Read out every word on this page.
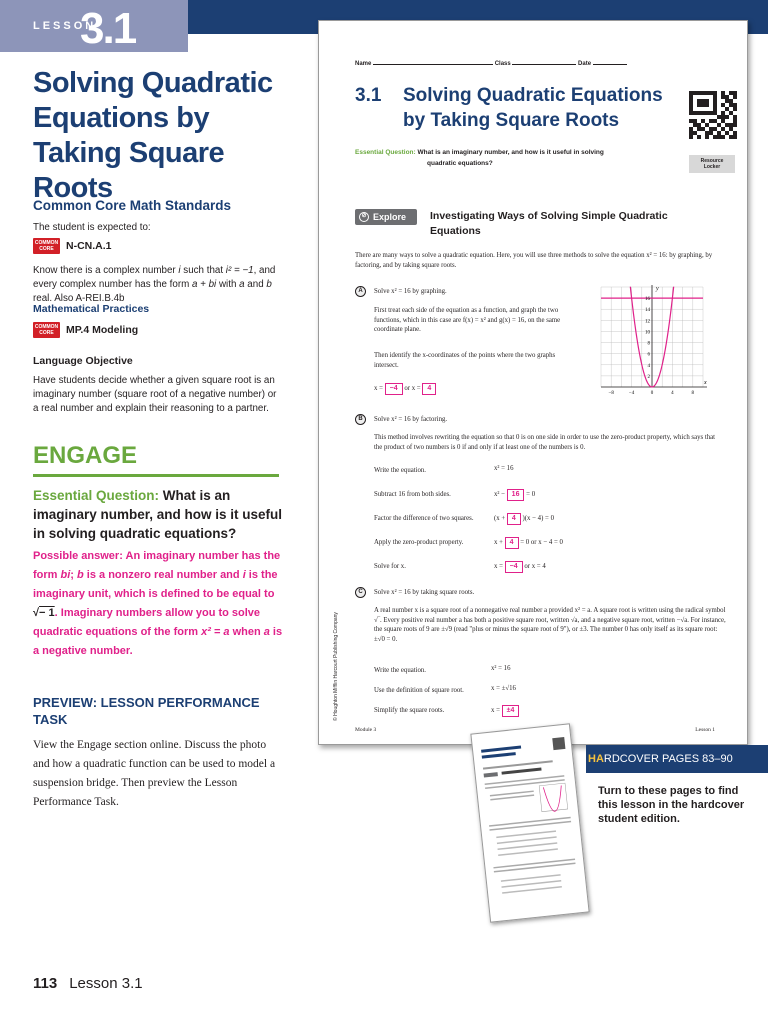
LESSON
3.1
Solving Quadratic Equations by Taking Square Roots
Common Core Math Standards
The student is expected to:
COMMON CORE	N-CN.A.1
Know there is a complex number i such that i² = −1, and every complex number has the form a + bi with a and b real. Also A-REI.B.4b
Mathematical Practices
COMMON CORE	MP.4 Modeling
Language Objective
Have students decide whether a given square root is an imaginary number (square root of a negative number) or a real number and explain their reasoning to a partner.
ENGAGE
Essential Question: What is an imaginary number, and how is it useful in solving quadratic equations?
Possible answer: An imaginary number has the form bi; b is a nonzero real number and i is the imaginary unit, which is defined to be equal to √− 1. Imaginary numbers allow you to solve quadratic equations of the form x² = a when a is a negative number.
PREVIEW: LESSON PERFORMANCE TASK
View the Engage section online. Discuss the photo and how a quadratic function can be used to model a suspension bridge. Then preview the Lesson Performance Task.
113 Lesson 3.1
Name	Class	Date
3.1 Solving Quadratic Equations
by Taking Square Roots
Resource
Locker
Essential Question: What is an imaginary number, and how is it useful in solving
quadratic equations?
⊘ Explore	Investigating Ways of Solving Simple Quadratic Equations
There are many ways to solve a quadratic equation. Here, you will use three methods to solve the equation x² = 16: by graphing, by factoring, and by taking square roots.
A	Solve x² = 16 by graphing.
First treat each side of the equation as a function, and graph the two functions, which in this case are f(x) = x² and g(x) = 16, on the same coordinate plane.
Then identify the x-coordinates of the points where the two graphs intersect.
x = −4 or x = 4
y
x
16
14
12
10
8
6
4
2
−8	−4	0	4	8
B	Solve x² = 16 by factoring.
This method involves rewriting the equation so that 0 is on one side in order to use the zero-product property, which says that the product of two numbers is 0 if and only if at least one of the numbers is 0.
Write the equation.	x² = 16
Subtract 16 from both sides.	x² − 16 = 0
Factor the difference of two squares.	(x + 4 )(x − 4) = 0
Apply the zero-product property.	x + 4 = 0 or x − 4 = 0
Solve for x.	x = −4 or x = 4
C	Solve x² = 16 by taking square roots.
A real number x is a square root of a nonnegative real number a provided x² = a. A square root is written using the radical symbol √‾. Every positive real number a has both a positive square root, written √a, and a negative square root, written −√a. For instance, the square roots of 9 are ±√9 (read "plus or minus the square root of 9"), or ±3. The number 0 has only itself as its square root: ±√0 = 0.
Write the equation.	x² = 16
Use the definition of square root.	x = ±√16
Simplify the square roots.	x = ±4
© Houghton Mifflin Harcourt Publishing Company
Module 3	Lesson 1
HARDCOVER PAGES 83–90
Turn to these pages to find this lesson in the hardcover student edition.
